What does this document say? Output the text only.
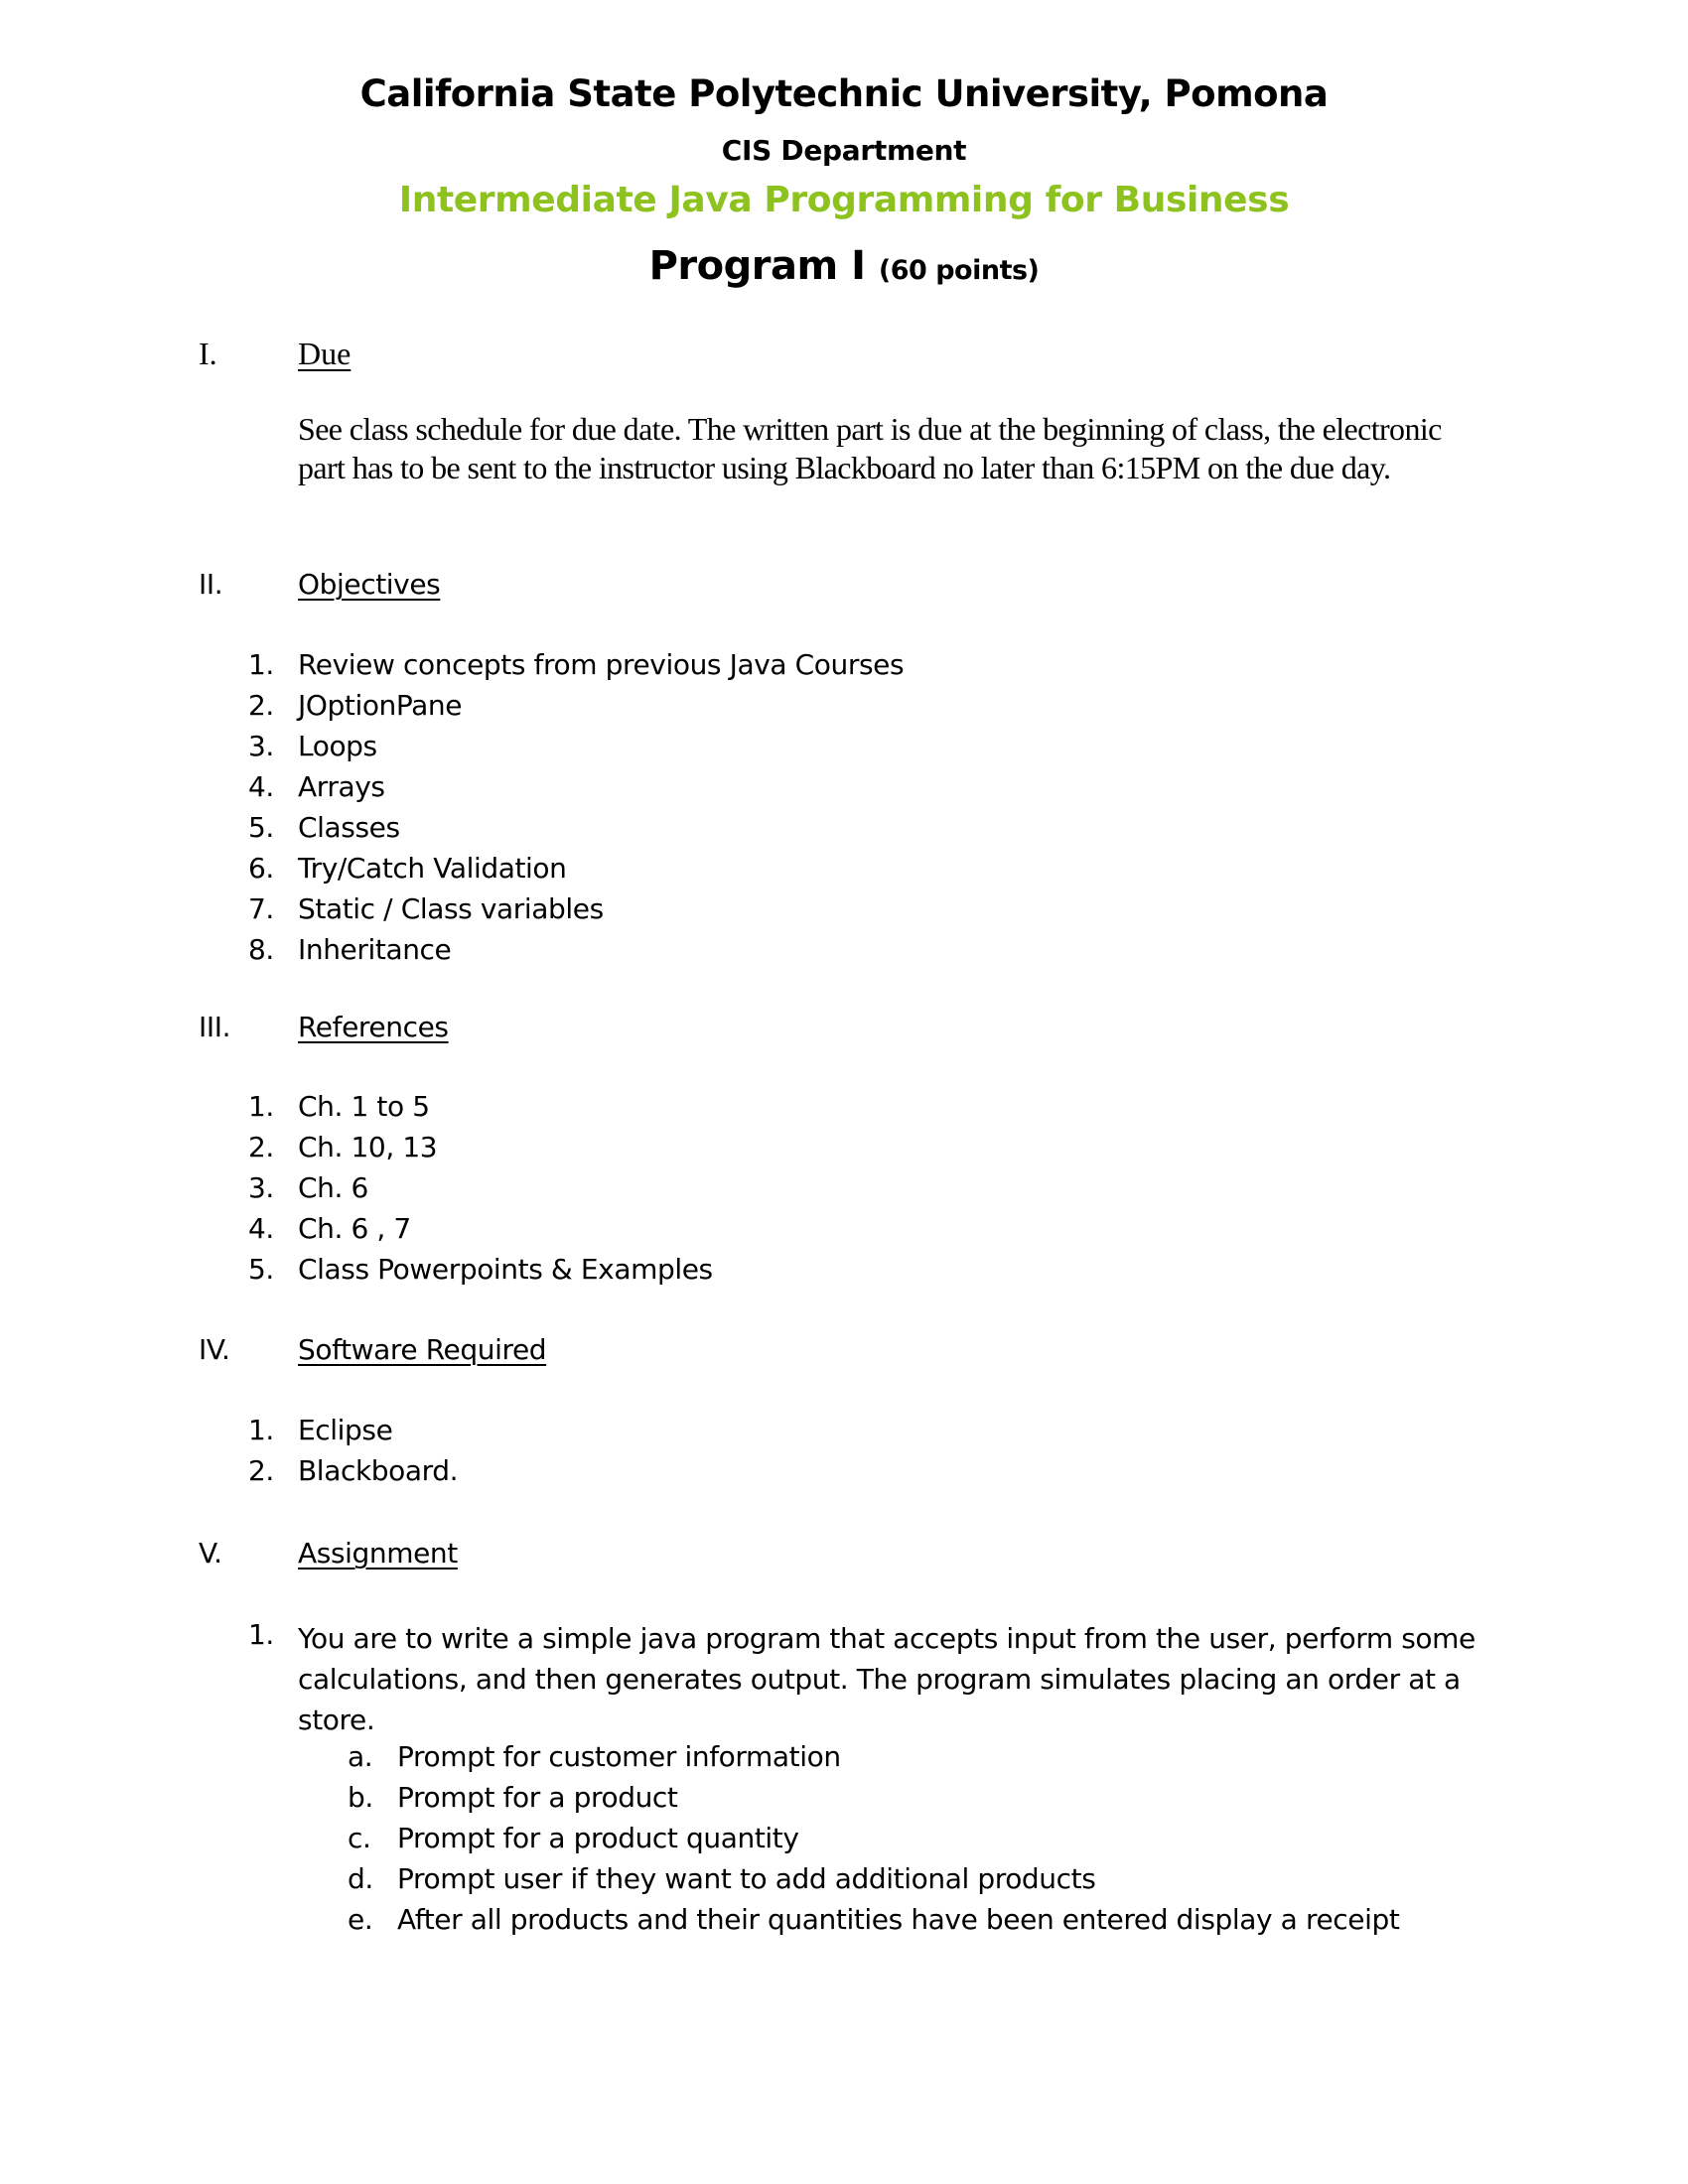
California State Polytechnic University, Pomona
CIS Department
Intermediate Java Programming for Business
Program I (60 points)
I.	Due
See class schedule for due date. The written part is due at the beginning of class, the electronic part has to be sent to the instructor using Blackboard no later than 6:15PM on the due day.
II.	Objectives
1. Review concepts from previous Java Courses
2. JOptionPane
3. Loops
4. Arrays
5. Classes
6. Try/Catch Validation
7. Static / Class variables
8. Inheritance
III. References
1. Ch. 1 to 5
2. Ch. 10, 13
3. Ch. 6
4. Ch. 6 , 7
5. Class Powerpoints & Examples
IV. Software Required
1. Eclipse
2. Blackboard.
V.	Assignment
1. You are to write a simple java program that accepts input from the user, perform some calculations, and then generates output. The program simulates placing an order at a store.
a. Prompt for customer information
b. Prompt for a product
c. Prompt for a product quantity
d. Prompt user if they want to add additional products
e. After all products and their quantities have been entered display a receipt
